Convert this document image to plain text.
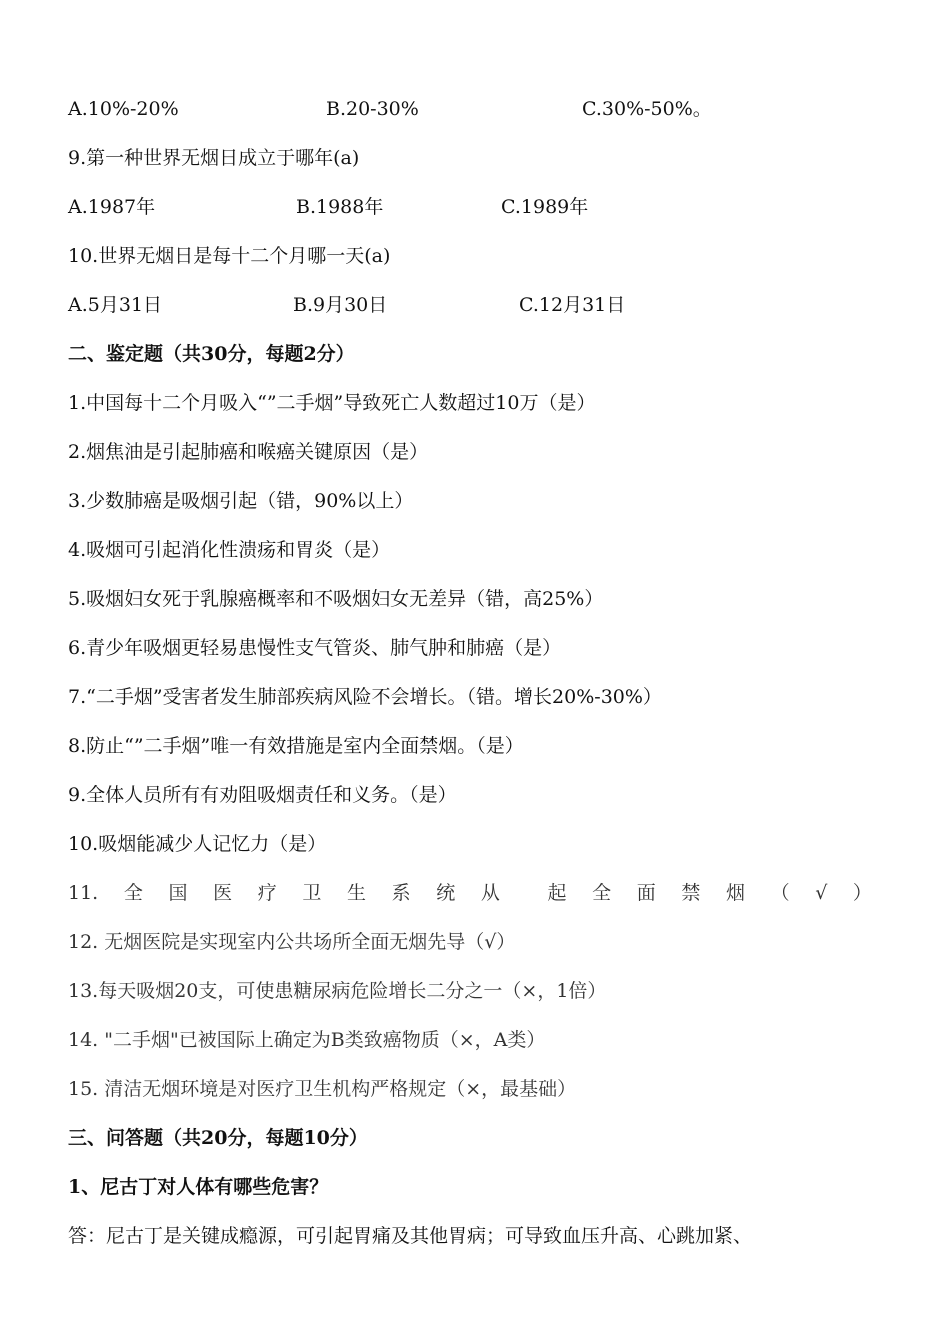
A.10%-20%	B.20-30%	C.30%-50%。
9.第一种世界无烟日成立于哪年(a)
A.1987年	B.1988年	C.1989年
10.世界无烟日是每十二个月哪一天(a)
A.5月31日	B.9月30日	C.12月31日
二、鉴定题（共30分，每题2分）
1.中国每十二个月吸入“”二手烟”导致死亡人数超过10万（是）
2.烟焦油是引起肺癌和喉癌关键原因（是）
3.少数肺癌是吸烟引起（错，90%以上）
4.吸烟可引起消化性溃疡和胃炎（是）
5.吸烟妇女死于乳腺癌概率和不吸烟妇女无差异（错，高25%）
6.青少年吸烟更轻易患慢性支气管炎、肺气肿和肺癌（是）
7.“二手烟”受害者发生肺部疾病风险不会增长。（错。增长20%-30%）
8.防止“”二手烟”唯一有效措施是室内全面禁烟。（是）
9.全体人员所有有劝阻吸烟责任和义务。（是）
10.吸烟能减少人记忆力（是）
11. 全 国 医 疗 卫 生 系 统 从	起 全 面 禁 烟 （ √ ）
12. 无烟医院是实现室内公共场所全面无烟先导（√）
13.每天吸烟20支，可使患糖尿病危险增长二分之一（×，1倍）
14. "二手烟"已被国际上确定为B类致癌物质（×，A类）
15. 清洁无烟环境是对医疗卫生机构严格规定（×，最基础）
三、问答题（共20分，每题10分）
1、尼古丁对人体有哪些危害？
答：尼古丁是关键成瘾源，可引起胃痛及其他胃病；可导致血压升高、心跳加紧、
